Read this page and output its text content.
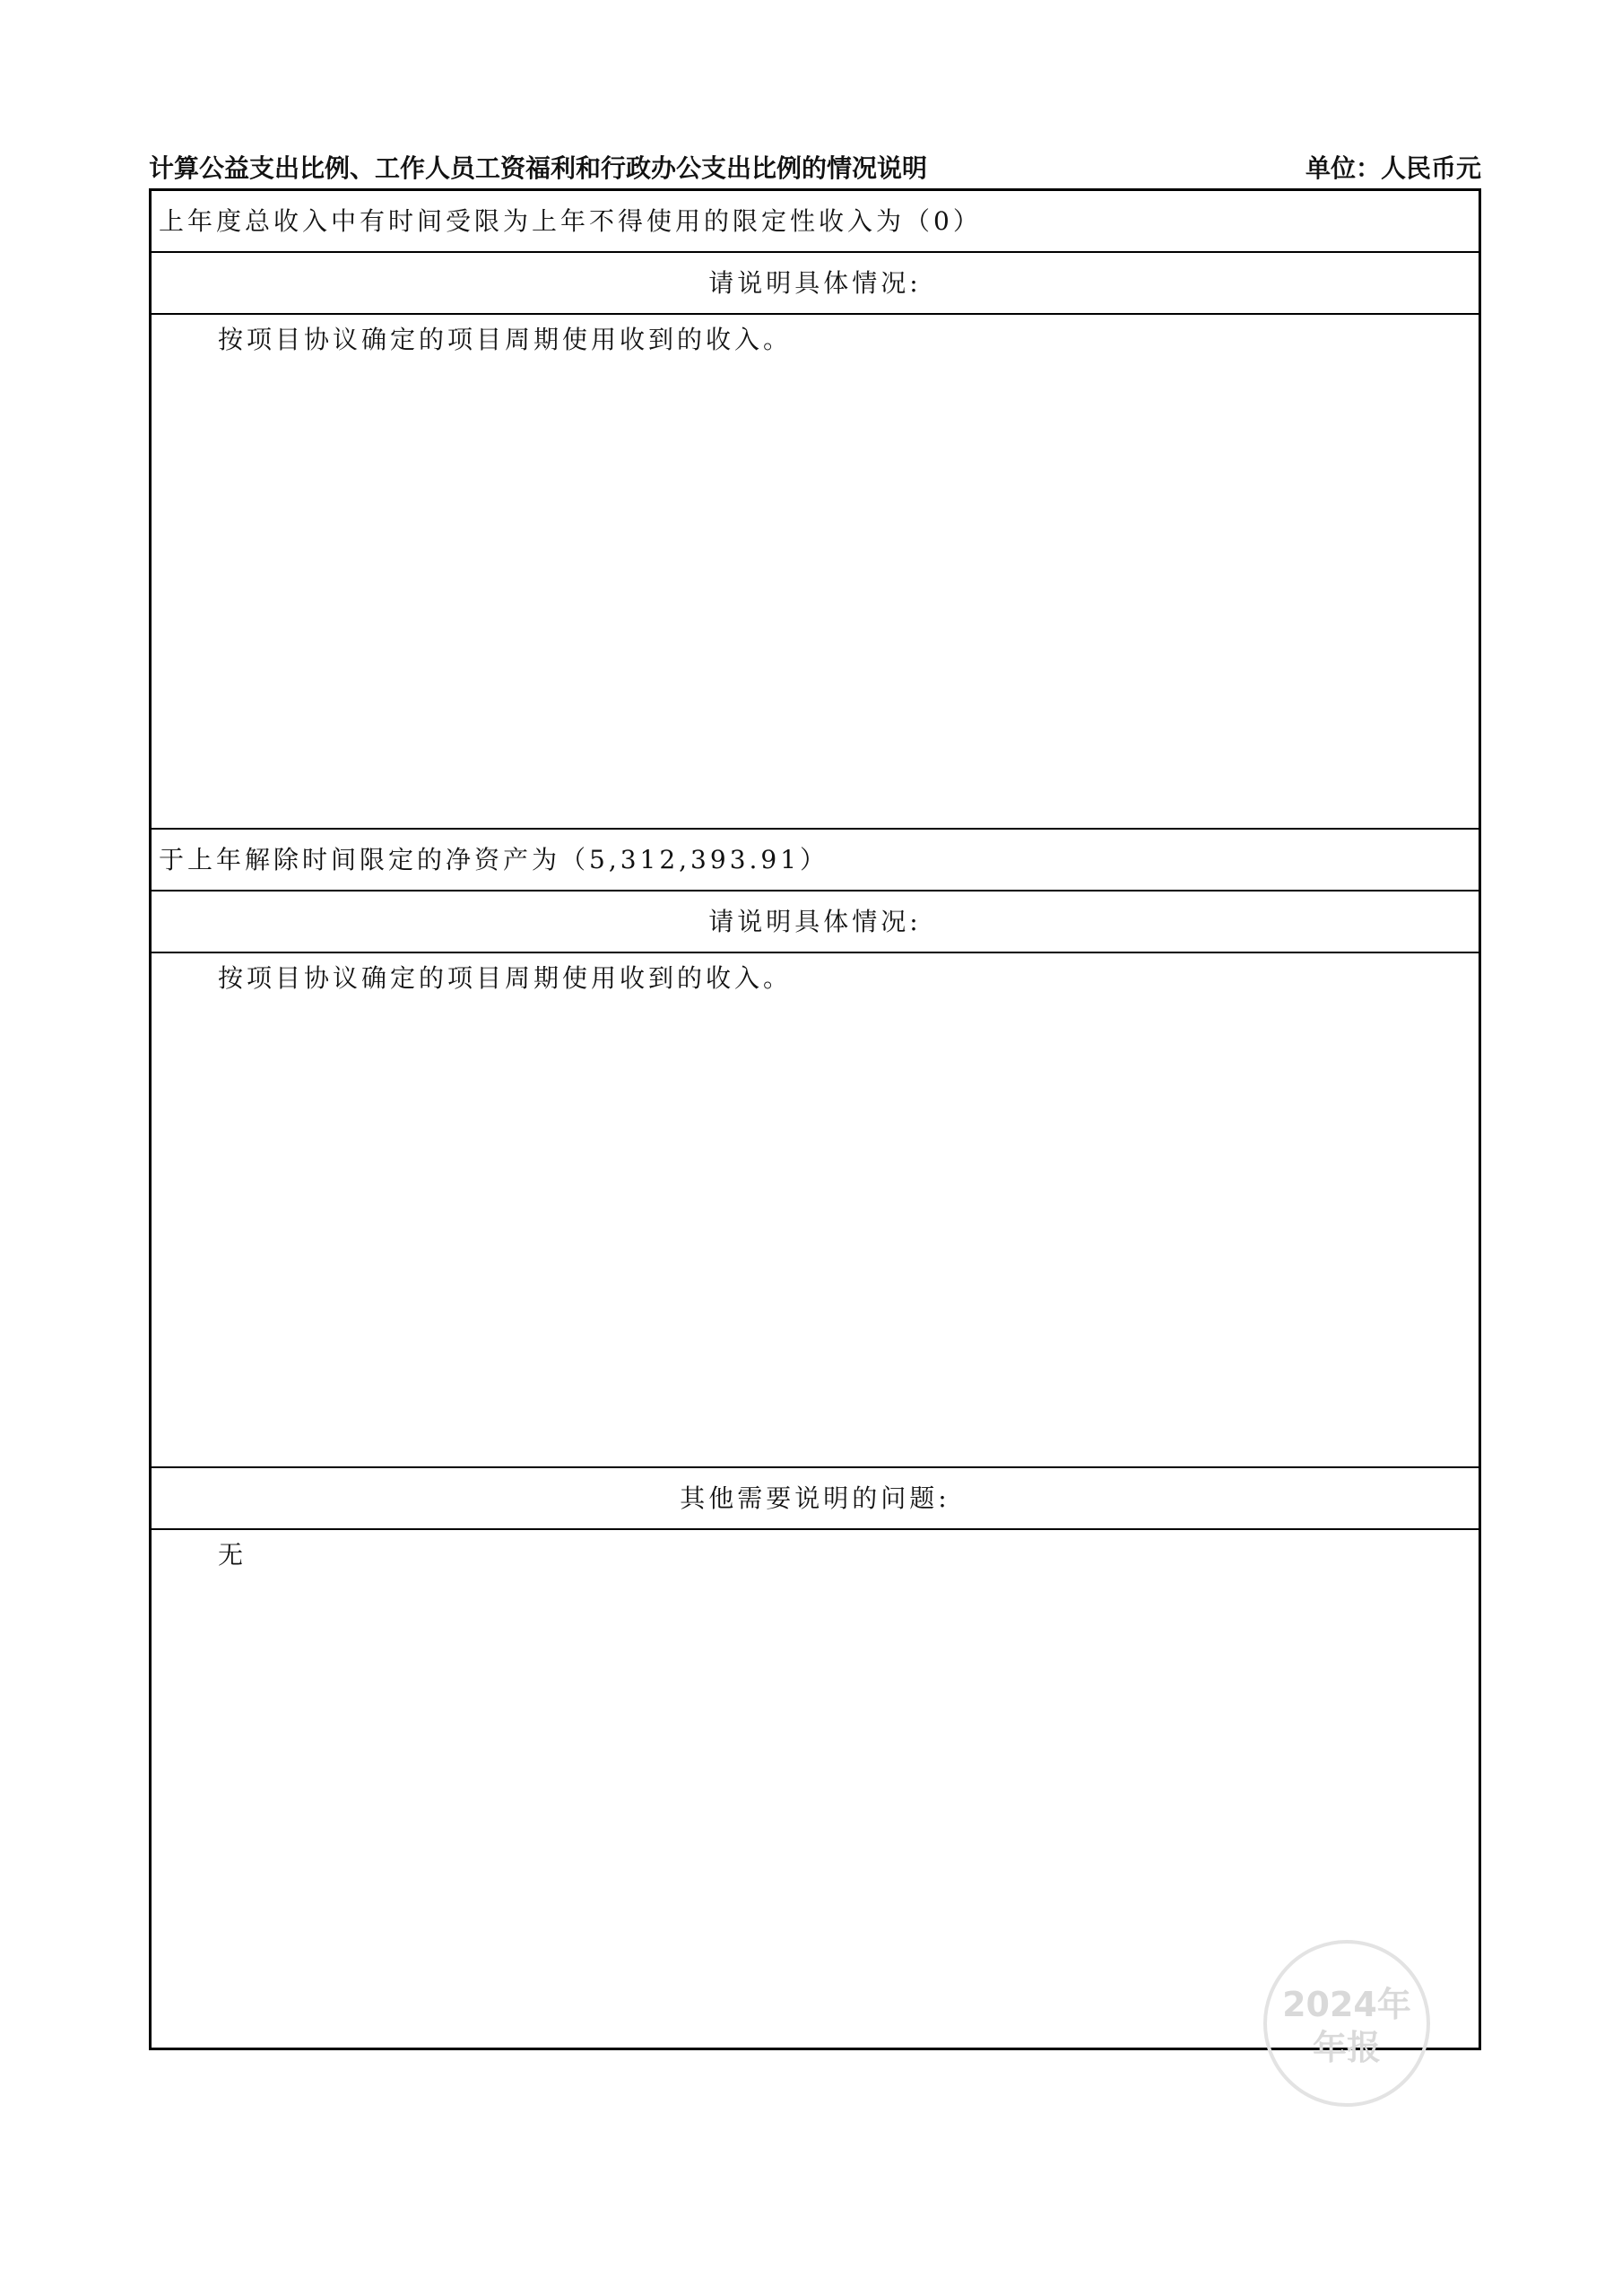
计算公益支出比例、工作人员工资福利和行政办公支出比例的情况说明	单位：人民币元
上年度总收入中有时间受限为上年不得使用的限定性收入为（0）
请说明具体情况:
按项目协议确定的项目周期使用收到的收入。
于上年解除时间限定的净资产为（5,312,393.91）
请说明具体情况:
按项目协议确定的项目周期使用收到的收入。
其他需要说明的问题:
无
2024年
年报
